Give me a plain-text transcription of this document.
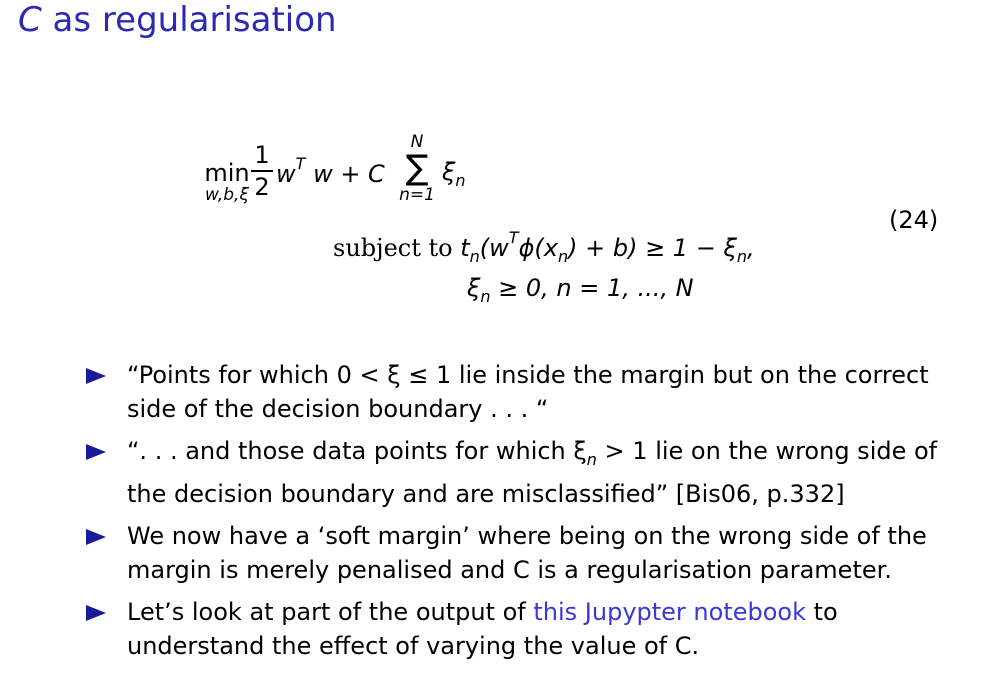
C as regularisation
min
w,b,ξ
1
2 $w^T$ w + C
N
∑
n=1
$\xi_n$
subject to $t_n(w^T\phi(x_n) + b) \ge 1 - \xi_n$,
$\xi_n \ge 0$, n = 1, ..., N
(24)
“Points for which 0 < ξ ≤ 1 lie inside the margin but on the correct side of the decision boundary . . . “
“. . . and those data points for which $\xi_n > 1$ lie on the wrong side of the decision boundary and are misclassified” [Bis06, p.332]
We now have a ‘soft margin’ where being on the wrong side of the margin is merely penalised and C is a regularisation parameter.
Let’s look at part of the output of this Jupypter notebook to understand the effect of varying the value of C.
